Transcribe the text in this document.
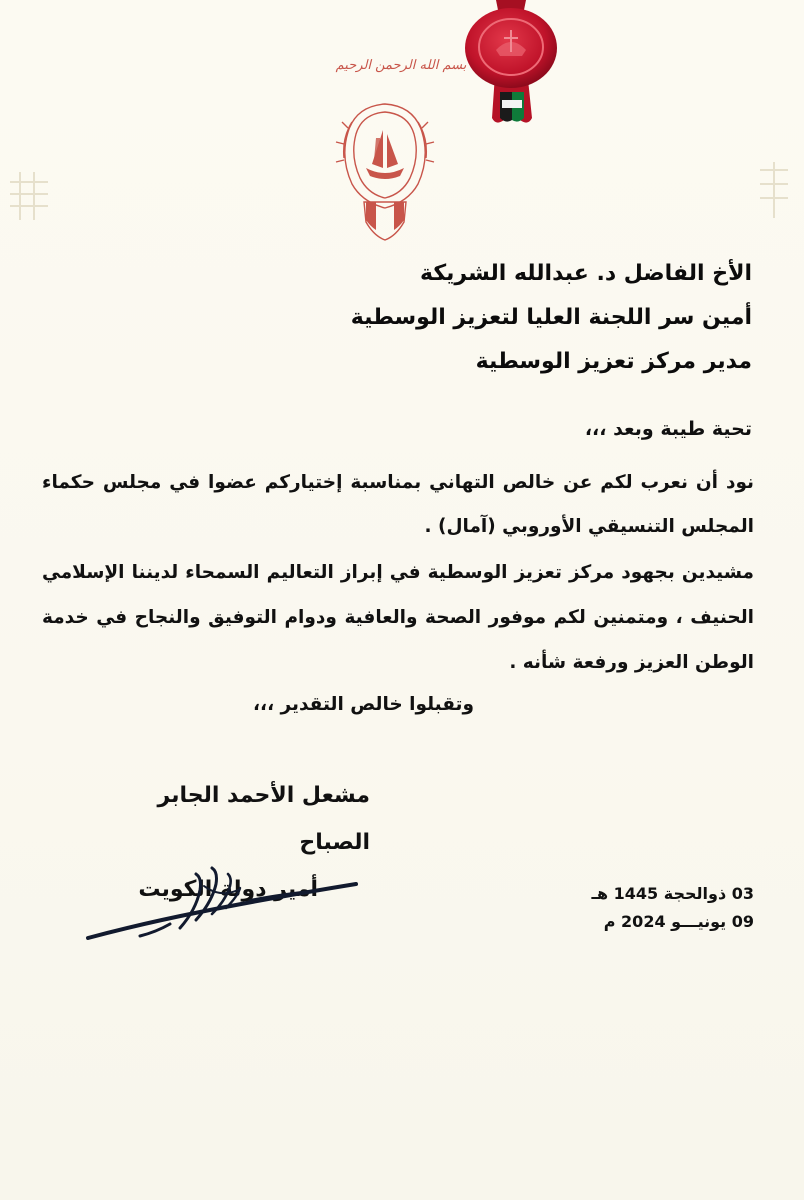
بسم الله الرحمن الرحيم
الأخ الفاضل د. عبدالله الشريكة
أمين سر اللجنة العليا لتعزيز الوسطية
مدير مركز تعزيز الوسطية
تحية طيبة وبعد ،،،
نود أن نعرب لكم عن خالص التهاني بمناسبة إختياركم عضوا في مجلس حكماء المجلس التنسيقي الأوروبي (آمال) .
مشيدين بجهود مركز تعزيز الوسطية في إبراز التعاليم السمحاء لديننا الإسلامي الحنيف ، ومتمنين لكم موفور الصحة والعافية ودوام التوفيق والنجاح في خدمة الوطن العزيز ورفعة شأنه .
وتقبلوا خالص التقدير ،،،
مشعل الأحمد الجابر الصباح
أمير دولة الكويت	03 ذوالحجة 1445 هـ
09 يونيـــو 2024 م
